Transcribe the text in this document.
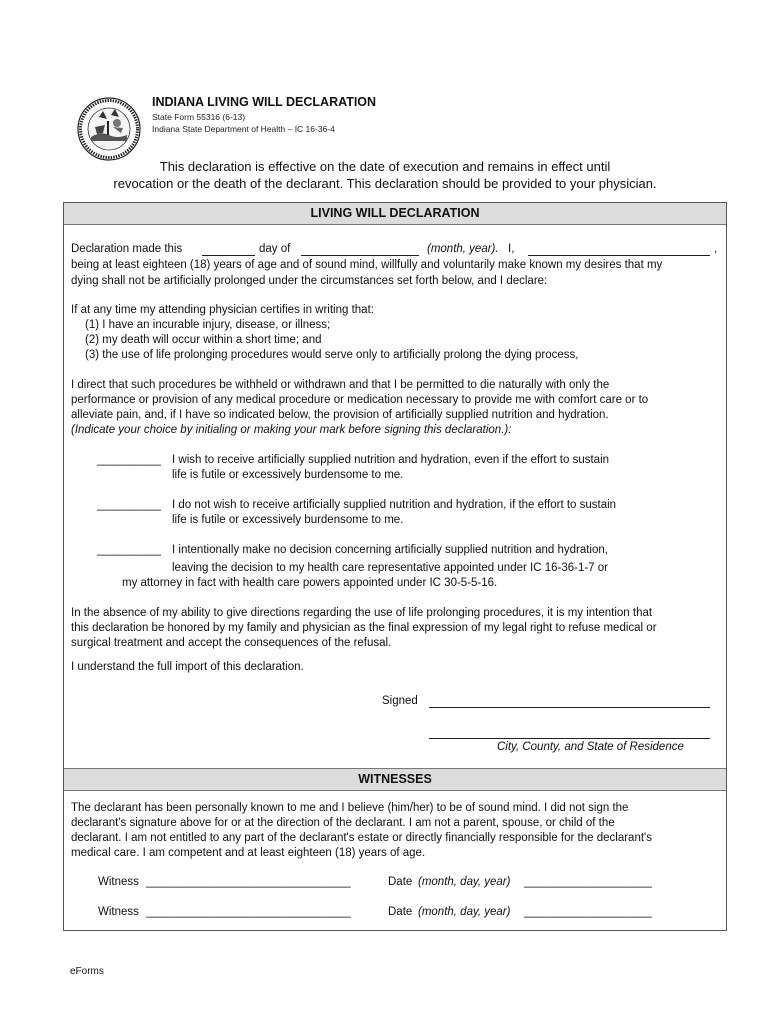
INDIANA LIVING WILL DECLARATION
State Form 55316 (6-13)
Indiana State Department of Health – IC 16-36-4
This declaration is effective on the date of execution and remains in effect until
revocation or the death of the declarant. This declaration should be provided to your physician.
LIVING WILL DECLARATION
Declaration made this	day of	(month, year). I,	,
being at least eighteen (18) years of age and of sound mind, willfully and voluntarily make known my desires that my
dying shall not be artificially prolonged under the circumstances set forth below, and I declare:
If at any time my attending physician certifies in writing that:
(1) I have an incurable injury, disease, or illness;
(2) my death will occur within a short time; and
(3) the use of life prolonging procedures would serve only to artificially prolong the dying process,
I direct that such procedures be withheld or withdrawn and that I be permitted to die naturally with only the
performance or provision of any medical procedure or medication necessary to provide me with comfort care or to
alleviate pain, and, if I have so indicated below, the provision of artificially supplied nutrition and hydration.
(Indicate your choice by initialing or making your mark before signing this declaration.):
__________ I wish to receive artificially supplied nutrition and hydration, even if the effort to sustain
life is futile or excessively burdensome to me.
__________ I do not wish to receive artificially supplied nutrition and hydration, if the effort to sustain
life is futile or excessively burdensome to me.
__________ I intentionally make no decision concerning artificially supplied nutrition and hydration,
leaving the decision to my health care representative appointed under IC 16-36-1-7 or
my attorney in fact with health care powers appointed under IC 30-5-5-16.
In the absence of my ability to give directions regarding the use of life prolonging procedures, it is my intention that
this declaration be honored by my family and physician as the final expression of my legal right to refuse medical or
surgical treatment and accept the consequences of the refusal.
I understand the full import of this declaration.
Signed
City, County, and State of Residence
WITNESSES
The declarant has been personally known to me and I believe (him/her) to be of sound mind. I did not sign the
declarant's signature above for or at the direction of the declarant. I am not a parent, spouse, or child of the
declarant. I am not entitled to any part of the declarant's estate or directly financially responsible for the declarant's
medical care. I am competent and at least eighteen (18) years of age.
Witness ________________________________	Date (month, day, year) ____________________
Witness ________________________________	Date (month, day, year) ____________________
eForms
